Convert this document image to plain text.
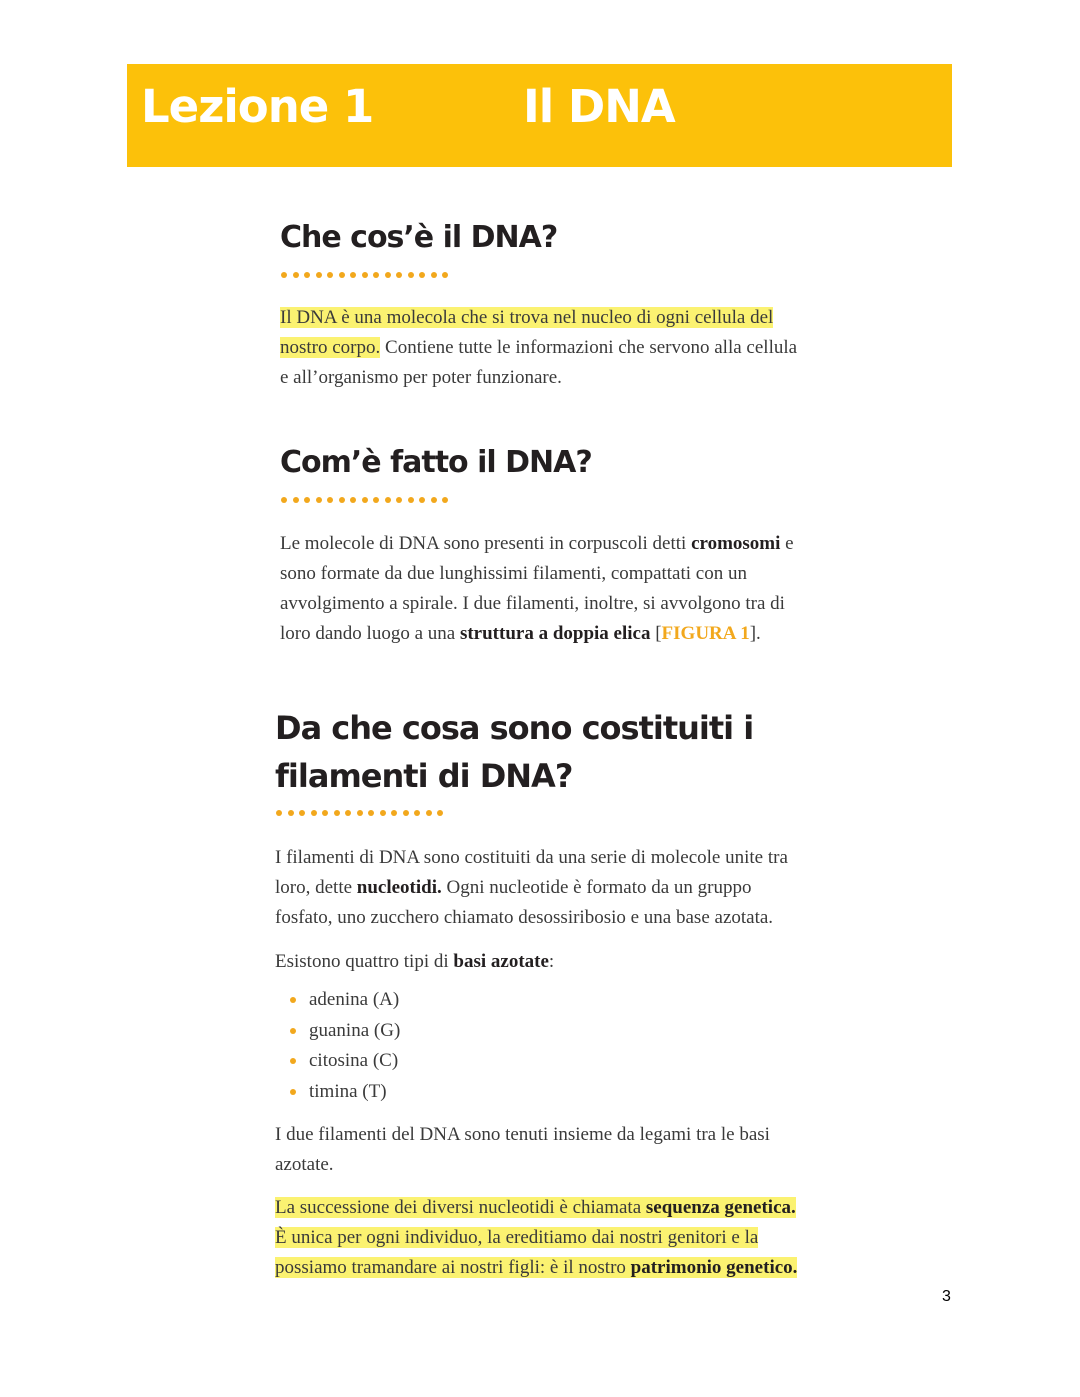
Lezione 1	Il DNA
Che cos’è il DNA?

Il DNA è una molecola che si trova nel nucleo di ogni cellula del
nostro corpo. Contiene tutte le informazioni che servono alla cellula
e all’organismo per poter funzionare.

Com’è fatto il DNA?

Le molecole di DNA sono presenti in corpuscoli detti cromosomi e
sono formate da due lunghissimi filamenti, compattati con un
avvolgimento a spirale. I due filamenti, inoltre, si avvolgono tra di
loro dando luogo a una struttura a doppia elica [FIGURA 1].

Da che cosa sono costituiti i
filamenti di DNA?

I filamenti di DNA sono costituiti da una serie di molecole unite tra
loro, dette nucleotidi. Ogni nucleotide è formato da un gruppo
fosfato, uno zucchero chiamato desossiribosio e una base azotata.

Esistono quattro tipi di basi azotate:

adenina (A)
guanina (G)
citosina (C)
timina (T)

I due filamenti del DNA sono tenuti insieme da legami tra le basi
azotate.

La successione dei diversi nucleotidi è chiamata sequenza genetica.
È unica per ogni individuo, la ereditiamo dai nostri genitori e la
possiamo tramandare ai nostri figli: è il nostro patrimonio genetico.

3
